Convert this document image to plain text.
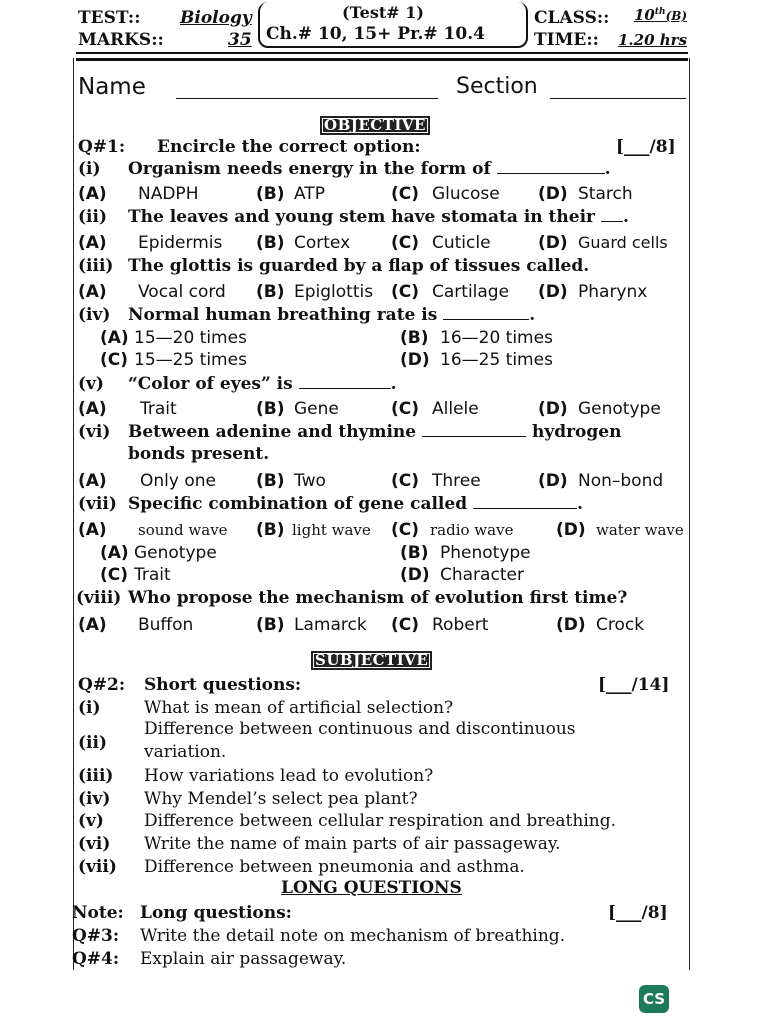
TEST:: Biology
MARKS::	35
(Test# 1)
Ch.# 10, 15+ Pr.# 10.4
CLASS:: 10th(B)
TIME:: 1.20 hrs
Name	Section
OBJECTIVE
Q#1: Encircle the correct option:	[___/8]
(i) Organism needs energy in the form of	.
(A) NADPH	(B) ATP	(C) Glucose (D) Starch
(ii) The leaves and young stem have stomata in their .
(A) Epidermis (B) Cortex (C) Cuticle	(D) Guard cells
(iii) The glottis is guarded by a flap of tissues called.
(A) Vocal cord (B) Epiglottis (C) Cartilage (D) Pharynx
(iv) Normal human breathing rate is	.
(A) 15—20 times	(B) 16—20 times
(C) 15—25 times	(D) 16—25 times
(v) “Color of eyes” is	.
(A) Trait	(B) Gene	(C) Allele	(D) Genotype
(vi) Between adenine and thymine	hydrogen
bonds present.
(A) Only one (B) Two	(C) Three	(D) Non–bond
(vii) Specific combination of gene called	.
(A) sound wave (B) light wave (C) radio wave	(D) water wave
(A) Genotype	(B) Phenotype
(C) Trait	(D) Character
(viii) Who propose the mechanism of evolution first time?
(A) Buffon	(B) Lamarck (C) Robert	(D) Crock
SUBJECTIVE
Q#2: Short questions:	[___/14]
(i)	What is mean of artificial selection?
(ii)
Difference between continuous and discontinuous
variation.
(iii) How variations lead to evolution?
(iv) Why Mendel’s select pea plant?
(v) Difference between cellular respiration and breathing.
(vi) Write the name of main parts of air passageway.
(vii) Difference between pneumonia and asthma.
LONG QUESTIONS
Note: Long questions:	[___/8]
Q#3: Write the detail note on mechanism of breathing.
Q#4: Explain air passageway.
CS
